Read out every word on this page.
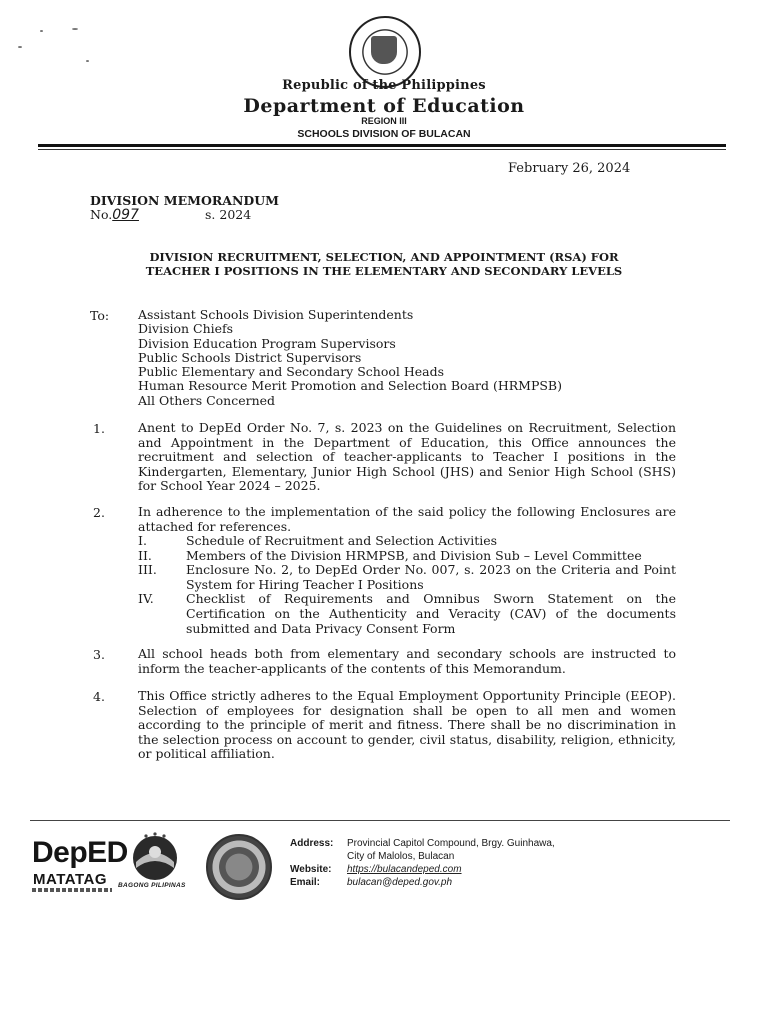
Republic of the Philippines
Department of Education
REGION III
SCHOOLS DIVISION OF BULACAN
February 26, 2024
DIVISION MEMORANDUM
No.097	s. 2024
DIVISION RECRUITMENT, SELECTION, AND APPOINTMENT (RSA) FOR
TEACHER I POSITIONS IN THE ELEMENTARY AND SECONDARY LEVELS
To: Assistant Schools Division Superintendents
Division Chiefs
Division Education Program Supervisors
Public Schools District Supervisors
Public Elementary and Secondary School Heads
Human Resource Merit Promotion and Selection Board (HRMPSB)
All Others Concerned
1.	Anent to DepEd Order No. 7, s. 2023 on the Guidelines on Recruitment, Selection and Appointment in the Department of Education, this Office announces the recruitment and selection of teacher-applicants to Teacher I positions in the Kindergarten, Elementary, Junior High School (JHS) and Senior High School (SHS) for School Year 2024 – 2025.
2.	In adherence to the implementation of the said policy the following Enclosures are attached for references.
I.	Schedule of Recruitment and Selection Activities
II.	Members of the Division HRMPSB, and Division Sub – Level Committee
III.	Enclosure No. 2, to DepEd Order No. 007, s. 2023 on the Criteria and Point System for Hiring Teacher I Positions
IV.	Checklist of Requirements and Omnibus Sworn Statement on the Certification on the Authenticity and Veracity (CAV) of the documents submitted and Data Privacy Consent Form
3.	All school heads both from elementary and secondary schools are instructed to inform the teacher-applicants of the contents of this Memorandum.
4.	This Office strictly adheres to the Equal Employment Opportunity Principle (EEOP). Selection of employees for designation shall be open to all men and women according to the principle of merit and fitness. There shall be no discrimination in the selection process on account to gender, civil status, disability, religion, ethnicity, or political affiliation.
DepED
MATATAG BAGONG PILIPINAS
Address: Provincial Capitol Compound, Brgy. Guinhawa,
City of Malolos, Bulacan
Website: https://bulacandeped.com
Email:	bulacan@deped.gov.ph
